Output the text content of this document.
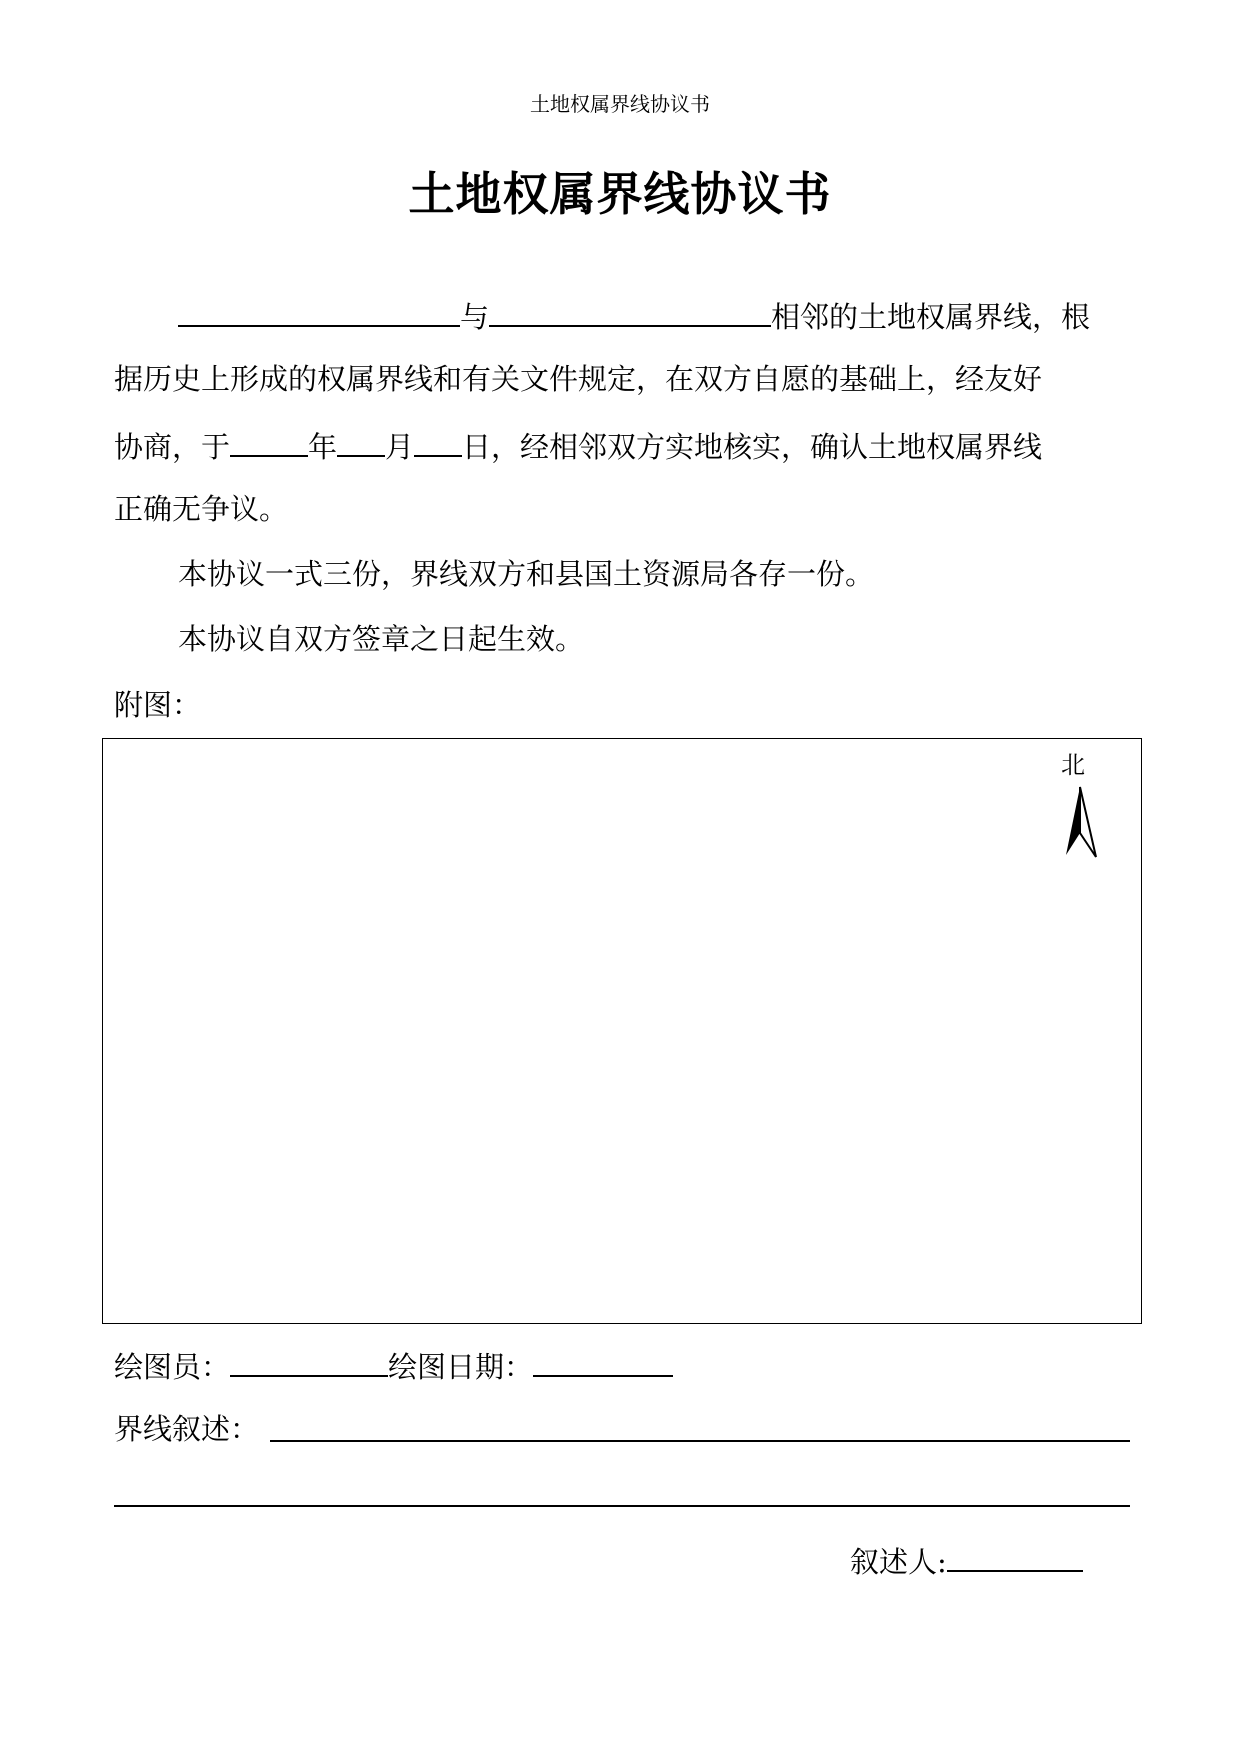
土地权属界线协议书
土地权属界线协议书
与	相邻的土地权属界线，根
据历史上形成的权属界线和有关文件规定，在双方自愿的基础上，经友好
协商，于	年 月 日，经相邻双方实地核实，确认土地权属界线
正确无争议。
本协议一式三份，界线双方和县国土资源局各存一份。
本协议自双方签章之日起生效。
附图：
北
绘图员：	绘图日期：
界线叙述：
叙述人:
